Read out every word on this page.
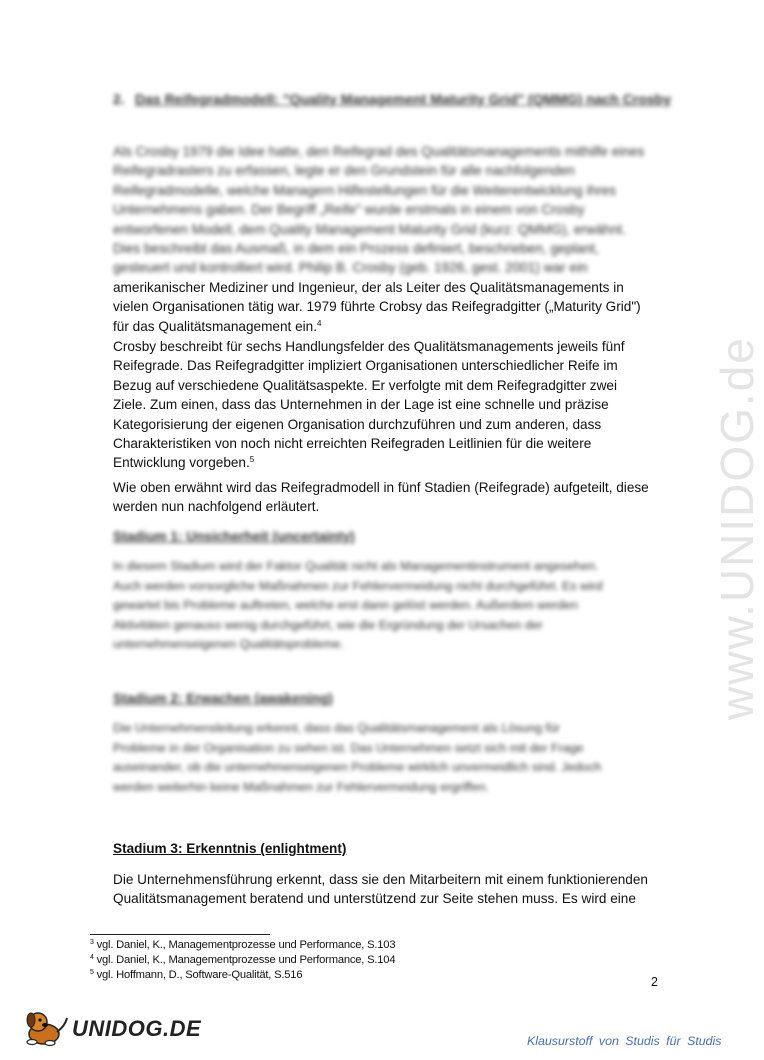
www.UNIDOG.de
2. Das Reifegradmodell: "Quality Management Maturity Grid" (QMMG) nach Crosby
Als Crosby 1979 die Idee hatte, den Reifegrad des Qualitätsmanagements mithilfe eines
Reifegradrasters zu erfassen, legte er den Grundstein für alle nachfolgenden
Reifegradmodelle, welche Managern Hilfestellungen für die Weiterentwicklung ihres
Unternehmens gaben. Der Begriff „Reife" wurde erstmals in einem von Crosby
entworfenen Modell, dem Quality Management Maturity Grid (kurz: QMMG), erwähnt.
Dies beschreibt das Ausmaß, in dem ein Prozess definiert, beschrieben, geplant,
gesteuert und kontrolliert wird. Philip B. Crosby (geb. 1926, gest. 2001) war ein
amerikanischer Mediziner und Ingenieur, der als Leiter des Qualitätsmanagements in
vielen Organisationen tätig war. 1979 führte Crobsy das Reifegradgitter („Maturity Grid")
für das Qualitätsmanagement ein.$^4$
Crosby beschreibt für sechs Handlungsfelder des Qualitätsmanagements jeweils fünf
Reifegrade. Das Reifegradgitter impliziert Organisationen unterschiedlicher Reife im
Bezug auf verschiedene Qualitätsaspekte. Er verfolgte mit dem Reifegradgitter zwei
Ziele. Zum einen, dass das Unternehmen in der Lage ist eine schnelle und präzise
Kategorisierung der eigenen Organisation durchzuführen und zum anderen, dass
Charakteristiken von noch nicht erreichten Reifegraden Leitlinien für die weitere
Entwicklung vorgeben.$^5$
Wie oben erwähnt wird das Reifegradmodell in fünf Stadien (Reifegrade) aufgeteilt, diese
werden nun nachfolgend erläutert.
Stadium 1: Unsicherheit (uncertainty)
In diesem Stadium wird der Faktor Qualität nicht als Managementinstrument angesehen.
Auch werden vorsorgliche Maßnahmen zur Fehlervermeidung nicht durchgeführt. Es wird
gewartet bis Probleme auftreten, welche erst dann gelöst werden. Außerdem werden
Aktivitäten genauso wenig durchgeführt, wie die Ergründung der Ursachen der
unternehmenseigenen Qualitätsprobleme.
Stadium 2: Erwachen (awakening)
Die Unternehmensleitung erkennt, dass das Qualitätsmanagement als Lösung für
Probleme in der Organisation zu sehen ist. Das Unternehmen setzt sich mit der Frage
auseinander, ob die unternehmenseigenen Probleme wirklich unvermeidlich sind. Jedoch
werden weiterhin keine Maßnahmen zur Fehlervermeidung ergriffen.
Stadium 3: Erkenntnis (enlightment)
Die Unternehmensführung erkennt, dass sie den Mitarbeitern mit einem funktionierenden
Qualitätsmanagement beratend und unterstützend zur Seite stehen muss. Es wird eine
$^3$ vgl. Daniel, K., Managementprozesse und Performance, S.103
$^4$ vgl. Daniel, K., Managementprozesse und Performance, S.104
$^5$ vgl. Hoffmann, D., Software-Qualität, S.516	2
UNIDOG.DE	Klausurstoff von Studis für Studis
